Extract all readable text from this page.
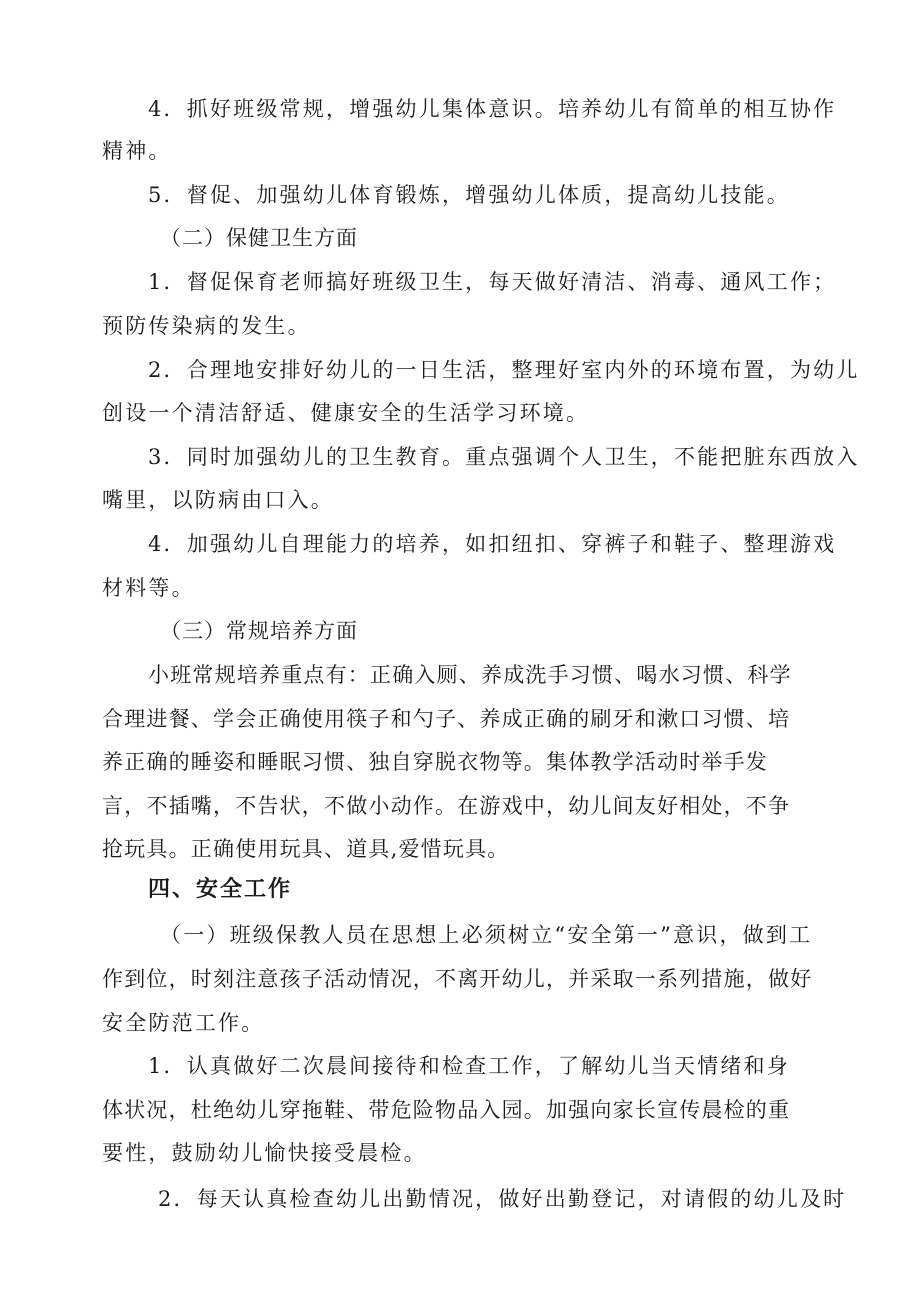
4．抓好班级常规，增强幼儿集体意识。培养幼儿有简单的相互协作
精神。
5．督促、加强幼儿体育锻炼，增强幼儿体质，提高幼儿技能。
（二）保健卫生方面
1．督促保育老师搞好班级卫生，每天做好清洁、消毒、通风工作；
预防传染病的发生。
2．合理地安排好幼儿的一日生活，整理好室内外的环境布置，为幼儿
创设一个清洁舒适、健康安全的生活学习环境。
3．同时加强幼儿的卫生教育。重点强调个人卫生，不能把脏东西放入
嘴里，以防病由口入。
4．加强幼儿自理能力的培养，如扣纽扣、穿裤子和鞋子、整理游戏
材料等。
（三）常规培养方面
小班常规培养重点有：正确入厕、养成洗手习惯、喝水习惯、科学
合理进餐、学会正确使用筷子和勺子、养成正确的刷牙和漱口习惯、培
养正确的睡姿和睡眠习惯、独自穿脱衣物等。集体教学活动时举手发
言，不插嘴，不告状，不做小动作。在游戏中，幼儿间友好相处，不争
抢玩具。正确使用玩具、道具,爱惜玩具。
四、安全工作
（一）班级保教人员在思想上必须树立“安全第一”意识，做到工
作到位，时刻注意孩子活动情况，不离开幼儿，并采取一系列措施，做好
安全防范工作。
1．认真做好二次晨间接待和检查工作，了解幼儿当天情绪和身
体状况，杜绝幼儿穿拖鞋、带危险物品入园。加强向家长宣传晨检的重
要性，鼓励幼儿愉快接受晨检。
2．每天认真检查幼儿出勤情况，做好出勤登记，对请假的幼儿及时
